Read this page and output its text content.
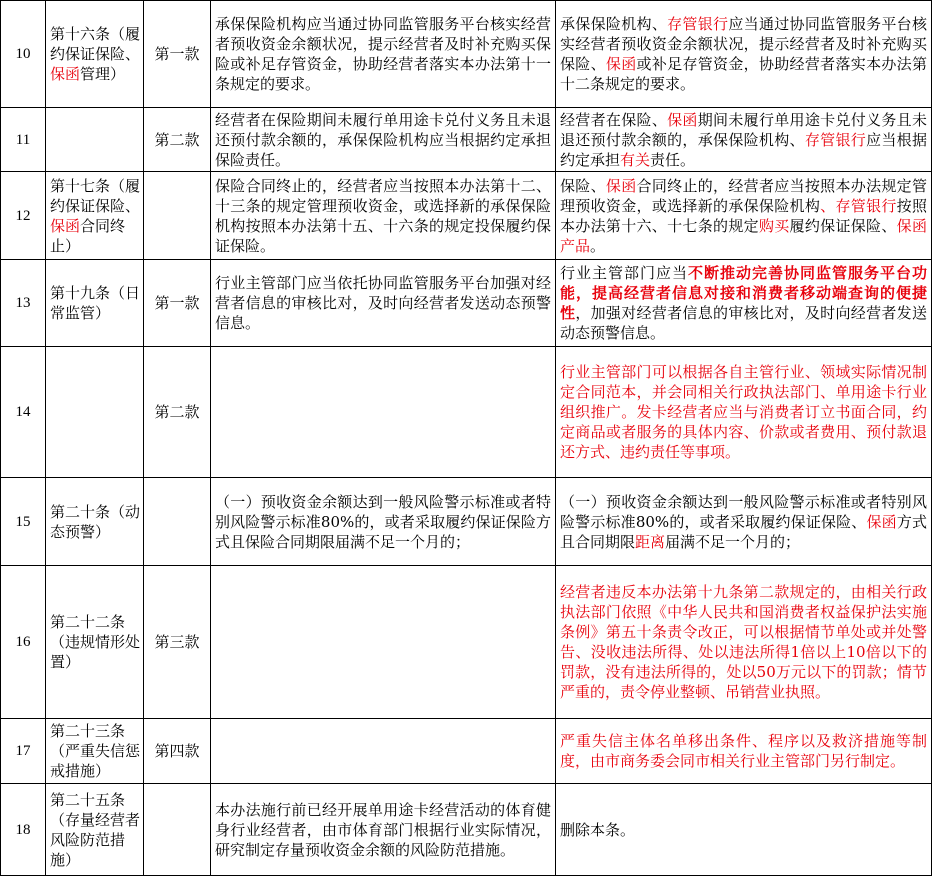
10	第十六条（履约保证保险、保函管理）	第一款	承保保险机构应当通过协同监管服务平台核实经营者预收资金余额状况，提示经营者及时补充购买保险或补足存管资金，协助经营者落实本办法第十一条规定的要求。	承保保险机构、存管银行应当通过协同监管服务平台核实经营者预收资金余额状况，提示经营者及时补充购买保险、保函或补足存管资金，协助经营者落实本办法第十二条规定的要求。
11		第二款	经营者在保险期间未履行单用途卡兑付义务且未退还预付款余额的，承保保险机构应当根据约定承担保险责任。	经营者在保险、保函期间未履行单用途卡兑付义务且未退还预付款余额的，承保保险机构、存管银行应当根据约定承担有关责任。
12	第十七条（履约保证保险、保函合同终止）		保险合同终止的，经营者应当按照本办法第十二、十三条的规定管理预收资金，或选择新的承保保险机构按照本办法第十五、十六条的规定投保履约保证保险。	保险、保函合同终止的，经营者应当按照本办法规定管理预收资金，或选择新的承保保险机构、存管银行按照本办法第十六、十七条的规定购买履约保证保险、保函产品。
13	第十九条（日常监管）	第一款	行业主管部门应当依托协同监管服务平台加强对经营者信息的审核比对，及时向经营者发送动态预警信息。	行业主管部门应当不断推动完善协同监管服务平台功能，提高经营者信息对接和消费者移动端查询的便捷性，加强对经营者信息的审核比对，及时向经营者发送动态预警信息。
14		第二款		行业主管部门可以根据各自主管行业、领域实际情况制定合同范本，并会同相关行政执法部门、单用途卡行业组织推广。发卡经营者应当与消费者订立书面合同，约定商品或者服务的具体内容、价款或者费用、预付款退还方式、违约责任等事项。
15	第二十条（动态预警）		（一）预收资金余额达到一般风险警示标准或者特别风险警示标准80%的，或者采取履约保证保险方式且保险合同期限届满不足一个月的；	（一）预收资金余额达到一般风险警示标准或者特别风险警示标准80%的，或者采取履约保证保险、保函方式且合同期限距离届满不足一个月的；
16	第二十二条（违规情形处置）	第三款		经营者违反本办法第十九条第二款规定的，由相关行政执法部门依照《中华人民共和国消费者权益保护法实施条例》第五十条责令改正，可以根据情节单处或并处警告、没收违法所得、处以违法所得1倍以上10倍以下的罚款，没有违法所得的，处以50万元以下的罚款；情节严重的，责令停业整顿、吊销营业执照。
17	第二十三条（严重失信惩戒措施）	第四款		严重失信主体名单移出条件、程序以及救济措施等制度，由市商务委会同市相关行业主管部门另行制定。
18	第二十五条（存量经营者风险防范措施）		本办法施行前已经开展单用途卡经营活动的体育健身行业经营者，由市体育部门根据行业实际情况，研究制定存量预收资金余额的风险防范措施。	删除本条。
